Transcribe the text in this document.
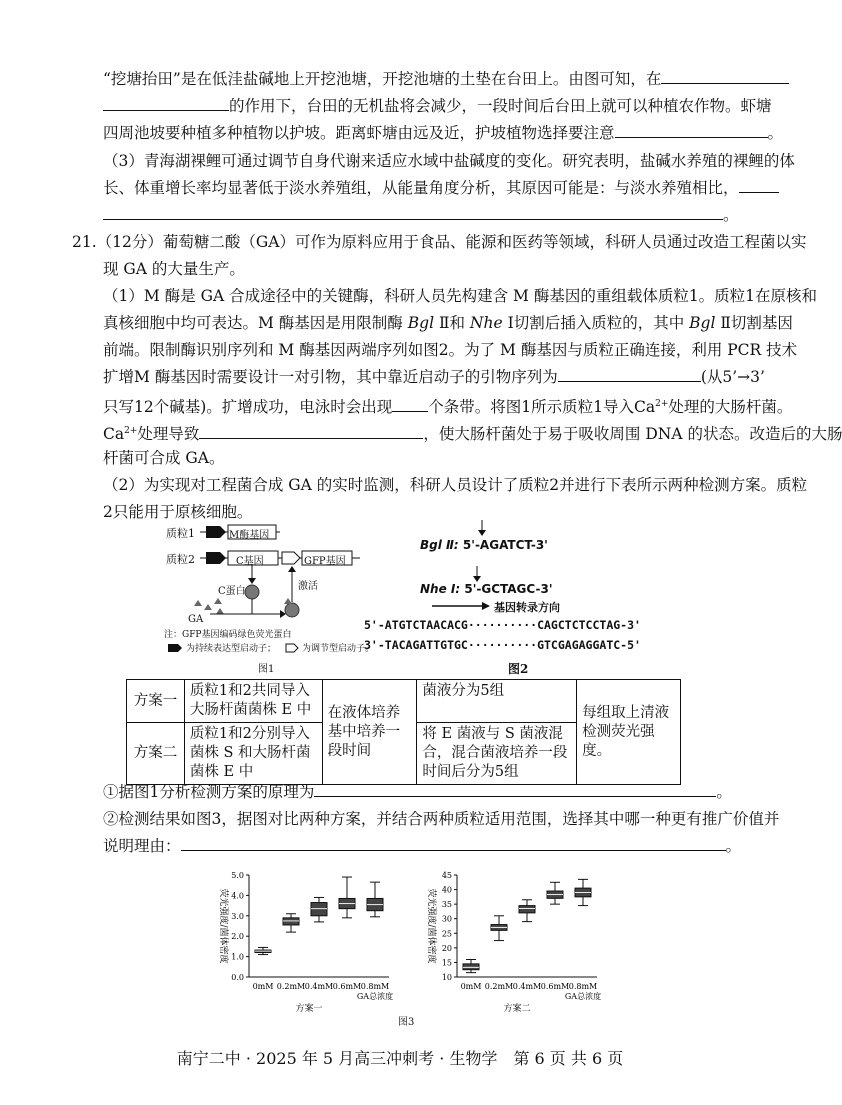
“挖塘抬田”是在低洼盐碱地上开挖池塘，开挖池塘的土垫在台田上。由图可知，在
的作用下，台田的无机盐将会减少，一段时间后台田上就可以种植农作物。虾塘
四周池坡要种植多种植物以护坡。距离虾塘由远及近，护坡植物选择要注意	。
（3）青海湖裸鲤可通过调节自身代谢来适应水域中盐碱度的变化。研究表明，盐碱水养殖的裸鲤的体
长、体重增长率均显著低于淡水养殖组，从能量角度分析，其原因可能是：与淡水养殖相比，
。
21.（12分）葡萄糖二酸（GA）可作为原料应用于食品、能源和医药等领域，科研人员通过改造工程菌以实
现 GA 的大量生产。
（1）M 酶是 GA 合成途径中的关键酶，科研人员先构建含 M 酶基因的重组载体质粒1。质粒1在原核和
真核细胞中均可表达。M 酶基因是用限制酶 Bgl Ⅱ和 Nhe Ⅰ切割后插入质粒的，其中 Bgl Ⅱ切割基因
前端。限制酶识别序列和 M 酶基因两端序列如图2。为了 M 酶基因与质粒正确连接，利用 PCR 技术
扩增M 酶基因时需要设计一对引物，其中靠近启动子的引物序列为	(从5’→3’
只写12个碱基)。扩增成功，电泳时会出现 个条带。将图1所示质粒1导入$Ca^{2+}$处理的大肠杆菌。
$Ca^{2+}$处理导致	，使大肠杆菌处于易于吸收周围 DNA 的状态。改造后的大肠
杆菌可合成 GA。
（2）为实现对工程菌合成 GA 的实时监测，科研人员设计了质粒2并进行下表所示两种检测方案。质粒
2只能用于原核细胞。
质粒1
质粒2
M酶基因
C基因	GFP基因
C蛋白	激活
GA
注：GFP基因编码绿色荧光蛋白
为持续表达型启动子；	为调节型启动子。
图1
Bgl Ⅱ: 5'-AGATCT-3'
Nhe Ⅰ: 5'-GCTAGC-3'
基因转录方向
5'-ATGTCTAACACG··········CAGCTCTCCTAG-3'
3'-TACAGATTGTGC··········GTCGAGAGGATC-5'
图2
方案一	质粒1和2共同导入大肠杆菌菌株 E 中	在液体培养基中培养一段时间	菌液分为5组	每组取上清液检测荧光强度。
方案二	质粒1和2分别导入菌株 S 和大肠杆菌菌株 E 中		将 E 菌液与 S 菌液混合，混合菌液培养一段时间后分为5组	
①据图1分析检测方案的原理为	。
②检测结果如图3，据图对比两种方案，并结合两种质粒适用范围，选择其中哪一种更有推广价值并
说明理由：	。
0.0
1.0
2.0
3.0
4.0
5.0
荧光强度/菌体密度
0mM 0.2mM 0.4mM 0.6mM 0.8mM
GA总浓度
方案一
10
15
20
25
30
35
40
45
荧光强度/菌体密度
0mM 0.2mM 0.4mM 0.6mM 0.8mM
GA总浓度
方案二
图3
南宁二中 · 2025 年 5 月高三冲刺考 · 生物学　第 6 页 共 6 页
